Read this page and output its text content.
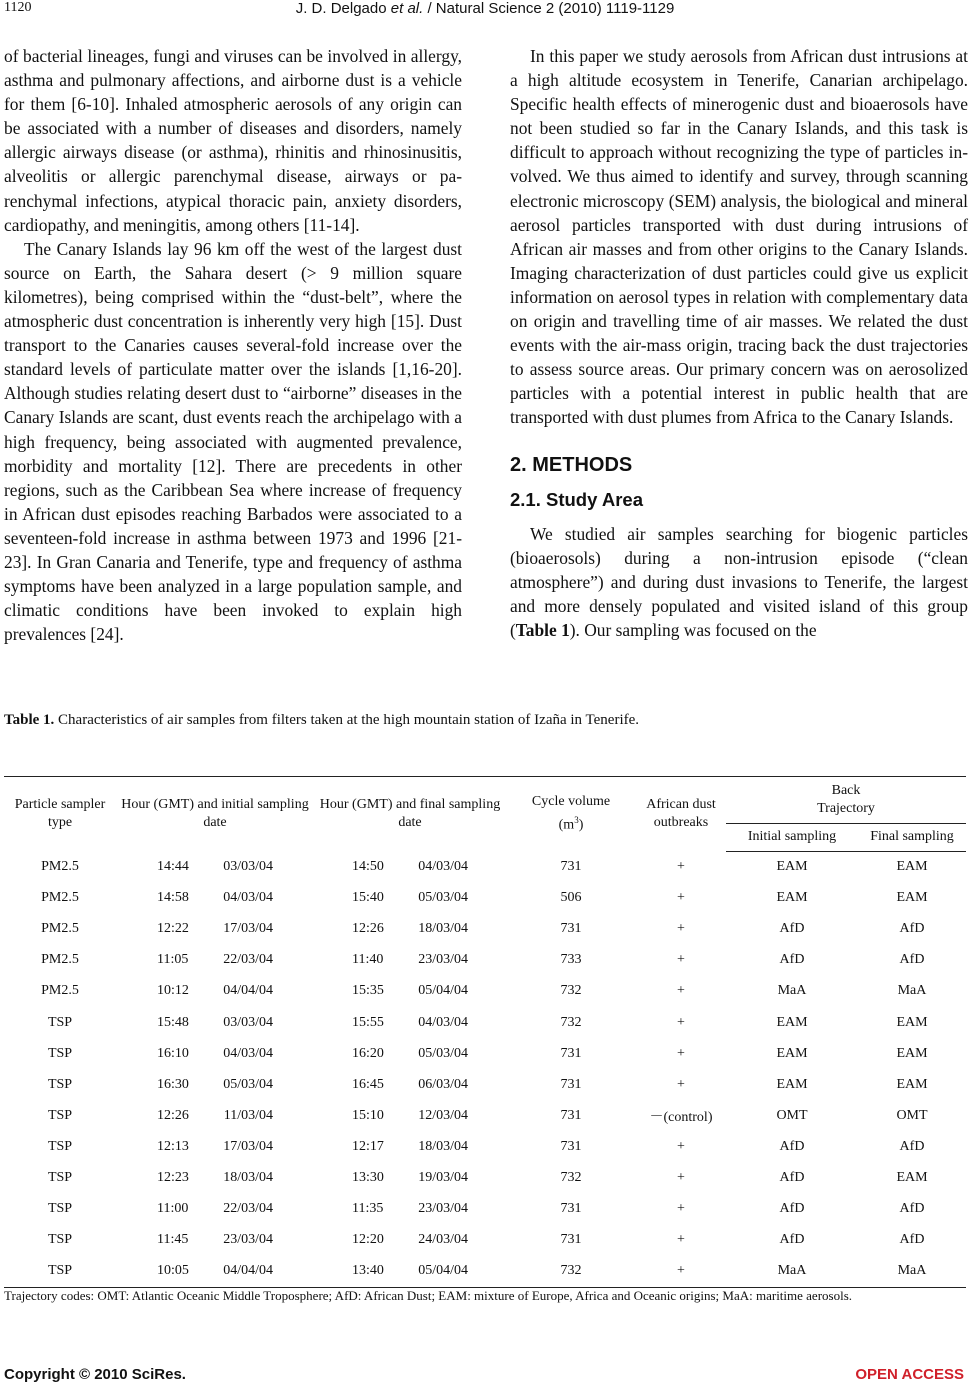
1120	J. D. Delgado et al. / Natural Science 2 (2010) 1119-1129

of bacterial lineages, fungi and viruses can be involved in allergy, asthma and pulmonary affections, and airborne dust is a vehicle for them [6-10]. Inhaled atmospheric aerosols of any origin can be associated with a number of diseases and disorders, namely allergic airways disease (or asthma), rhinitis and rhinosinusitis, alveolitis or allergic parenchymal disease, airways or parenchymal infections, atypical thoracic pain, anxiety disorders, cardiopathy, and meningitis, among others [11-14].

The Canary Islands lay 96 km off the west of the largest dust source on Earth, the Sahara desert (> 9 million square kilometres), being comprised within the “dust-belt”, where the atmospheric dust concentration is inherently very high [15]. Dust transport to the Canaries causes several-fold increase over the standard levels of particulate matter over the islands [1,16-20]. Although studies relating desert dust to “airborne” diseases in the Canary Islands are scant, dust events reach the archipelago with a high frequency, being associated with augmented prevalence, morbidity and mortality [12]. There are precedents in other regions, such as the Caribbean Sea where increase of frequency in African dust episodes reaching Barbados were associated to a seventeen-fold increase in asthma between 1973 and 1996 [21-23]. In Gran Canaria and Tenerife, type and frequency of asthma symptoms have been analyzed in a large population sample, and climatic conditions have been invoked to explain high prevalences [24].

In this paper we study aerosols from African dust intrusions at a high altitude ecosystem in Tenerife, Canarian archipelago. Specific health effects of minerogenic dust and bioaerosols have not been studied so far in the Canary Islands, and this task is difficult to approach without recognizing the type of particles involved. We thus aimed to identify and survey, through scanning electronic microscopy (SEM) analysis, the biological and mineral aerosol particles transported with dust during intrusions of African air masses and from other origins to the Canary Islands. Imaging characterization of dust particles could give us explicit information on aerosol types in relation with complementary data on origin and travelling time of air masses. We related the dust events with the air-mass origin, tracing back the dust trajectories to assess source areas. Our primary concern was on aerosolized particles with a potential interest in public health that are transported with dust plumes from Africa to the Canary Islands.

2. METHODS
2.1. Study Area

We studied air samples searching for biogenic particles (bioaerosols) during a non-intrusion episode (“clean atmosphere”) and during dust invasions to Tenerife, the largest and more densely populated and visited island of this group (Table 1). Our sampling was focused on the

Table 1. Characteristics of air samples from filters taken at the high mountain station of Izaña in Tenerife.
Particle sampler type	Hour (GMT) and initial sampling date	Hour (GMT) and final sampling date	Cycle volume
$(m^3)$	African dust outbreaks	Back
Trajectory	
					Initial sampling	Final sampling
PM2.5	14:44 03/03/04	14:50 04/03/04	731	+	EAM	EAM
PM2.5	14:58 04/03/04	15:40 05/03/04	506	+	EAM	EAM
PM2.5	12:22 17/03/04	12:26 18/03/04	731	+	AfD	AfD
PM2.5	11:05 22/03/04	11:40 23/03/04	733	+	AfD	AfD
PM2.5	10:12 04/04/04	15:35 05/04/04	732	+	MaA	MaA
TSP	15:48 03/03/04	15:55 04/03/04	732	+	EAM	EAM
TSP	16:10 04/03/04	16:20 05/03/04	731	+	EAM	EAM
TSP	16:30 05/03/04	16:45 06/03/04	731	+	EAM	EAM
TSP	12:26 11/03/04	15:10 12/03/04	731	－(control)	OMT	OMT
TSP	12:13 17/03/04	12:17 18/03/04	731	+	AfD	AfD
TSP	12:23 18/03/04	13:30 19/03/04	732	+	AfD	EAM
TSP	11:00 22/03/04	11:35 23/03/04	731	+	AfD	AfD
TSP	11:45 23/03/04	12:20 24/03/04	731	+	AfD	AfD
TSP	10:05 04/04/04	13:40 05/04/04	732	+	MaA	MaA
Trajectory codes: OMT: Atlantic Oceanic Middle Troposphere; AfD: African Dust; EAM: mixture of Europe, Africa and Oceanic origins; MaA: maritime aerosols.
Copyright © 2010 SciRes.	OPEN ACCESS
